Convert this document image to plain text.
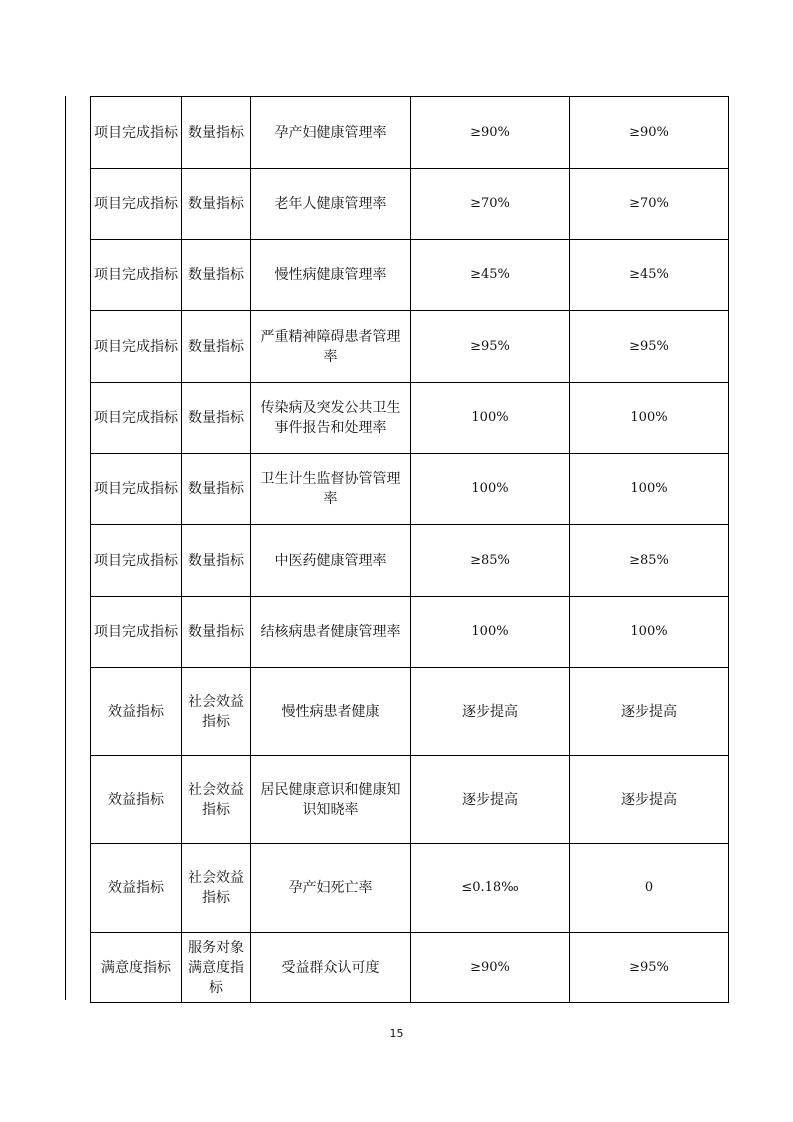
项目完成指标	数量指标	孕产妇健康管理率	≥90%	≥90%
项目完成指标	数量指标	老年人健康管理率	≥70%	≥70%
项目完成指标	数量指标	慢性病健康管理率	≥45%	≥45%
项目完成指标	数量指标	严重精神障碍患者管理率	≥95%	≥95%
项目完成指标	数量指标	传染病及突发公共卫生事件报告和处理率	100%	100%
项目完成指标	数量指标	卫生计生监督协管管理率	100%	100%
项目完成指标	数量指标	中医药健康管理率	≥85%	≥85%
项目完成指标	数量指标	结核病患者健康管理率	100%	100%
效益指标	社会效益指标	慢性病患者健康	逐步提高	逐步提高
效益指标	社会效益指标	居民健康意识和健康知识知晓率	逐步提高	逐步提高
效益指标	社会效益指标	孕产妇死亡率	≤0.18‰	0
满意度指标	服务对象满意度指标	受益群众认可度	≥90%	≥95%
15
